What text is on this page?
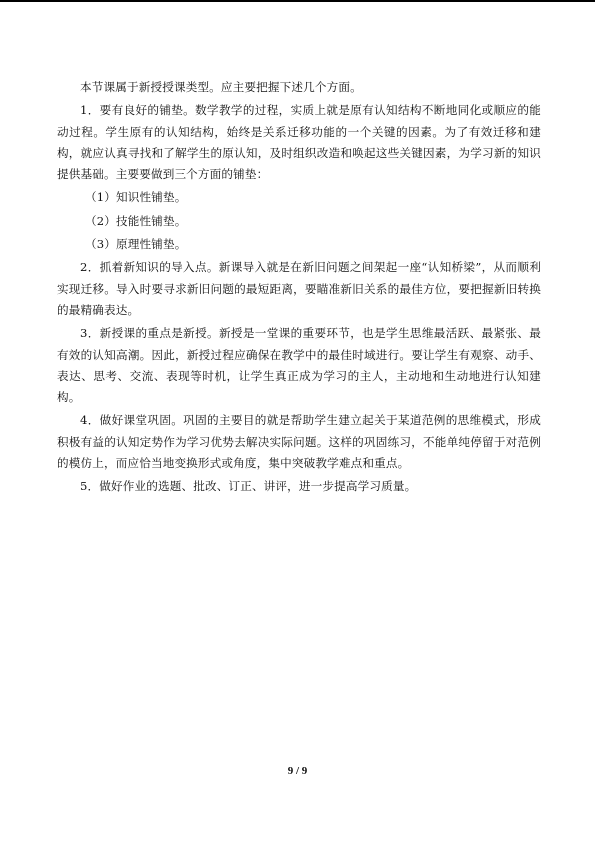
本节课属于新授授课类型。应主要把握下述几个方面。

1．要有良好的铺垫。数学教学的过程，实质上就是原有认知结构不断地同化或顺应的能动过程。学生原有的认知结构，始终是关系迁移功能的一个关键的因素。为了有效迁移和建构，就应认真寻找和了解学生的原认知，及时组织改造和唤起这些关键因素，为学习新的知识提供基础。主要要做到三个方面的铺垫：

（1）知识性铺垫。

（2）技能性铺垫。

（3）原理性铺垫。

2．抓着新知识的导入点。新课导入就是在新旧问题之间架起一座“认知桥梁”，从而顺利实现迁移。导入时要寻求新旧问题的最短距离，要瞄准新旧关系的最佳方位，要把握新旧转换的最精确表达。

3．新授课的重点是新授。新授是一堂课的重要环节，也是学生思维最活跃、最紧张、最有效的认知高潮。因此，新授过程应确保在教学中的最佳时域进行。要让学生有观察、动手、表达、思考、交流、表现等时机，让学生真正成为学习的主人，主动地和生动地进行认知建构。

4．做好课堂巩固。巩固的主要目的就是帮助学生建立起关于某道范例的思维模式，形成积极有益的认知定势作为学习优势去解决实际问题。这样的巩固练习，不能单纯停留于对范例的模仿上，而应恰当地变换形式或角度，集中突破教学难点和重点。

5．做好作业的选题、批改、订正、讲评，进一步提高学习质量。

9 / 9
